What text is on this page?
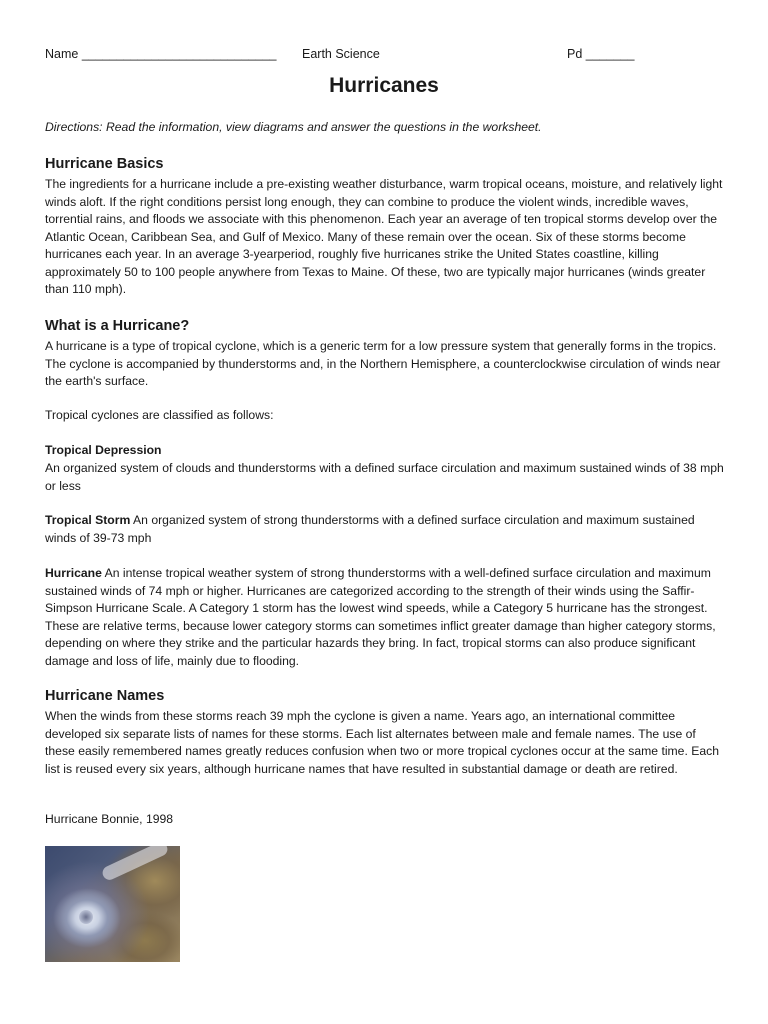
Name ____________________________ Earth Science	Pd _______
Hurricanes
Directions: Read the information, view diagrams and answer the questions in the worksheet.
Hurricane Basics
The ingredients for a hurricane include a pre-existing weather disturbance, warm tropical oceans, moisture, and relatively light winds aloft. If the right conditions persist long enough, they can combine to produce the violent winds, incredible waves, torrential rains, and floods we associate with this phenomenon. Each year an average of ten tropical storms develop over the Atlantic Ocean, Caribbean Sea, and Gulf of Mexico. Many of these remain over the ocean. Six of these storms become hurricanes each year. In an average 3-yearperiod, roughly five hurricanes strike the United States coastline, killing approximately 50 to 100 people anywhere from Texas to Maine. Of these, two are typically major hurricanes (winds greater than 110 mph).
What is a Hurricane?
A hurricane is a type of tropical cyclone, which is a generic term for a low pressure system that generally forms in the tropics. The cyclone is accompanied by thunderstorms and, in the Northern Hemisphere, a counterclockwise circulation of winds near the earth's surface.
Tropical cyclones are classified as follows:
Tropical Depression
An organized system of clouds and thunderstorms with a defined surface circulation and maximum sustained winds of 38 mph or less
Tropical Storm An organized system of strong thunderstorms with a defined surface circulation and maximum sustained winds of 39-73 mph
Hurricane An intense tropical weather system of strong thunderstorms with a well-defined surface circulation and maximum sustained winds of 74 mph or higher. Hurricanes are categorized according to the strength of their winds using the Saffir-Simpson Hurricane Scale. A Category 1 storm has the lowest wind speeds, while a Category 5 hurricane has the strongest. These are relative terms, because lower category storms can sometimes inflict greater damage than higher category storms, depending on where they strike and the particular hazards they bring. In fact, tropical storms can also produce significant damage and loss of life, mainly due to flooding.
Hurricane Names
When the winds from these storms reach 39 mph the cyclone is given a name. Years ago, an international committee developed six separate lists of names for these storms. Each list alternates between male and female names. The use of these easily remembered names greatly reduces confusion when two or more tropical cyclones occur at the same time. Each list is reused every six years, although hurricane names that have resulted in substantial damage or death are retired.
Hurricane Bonnie, 1998
